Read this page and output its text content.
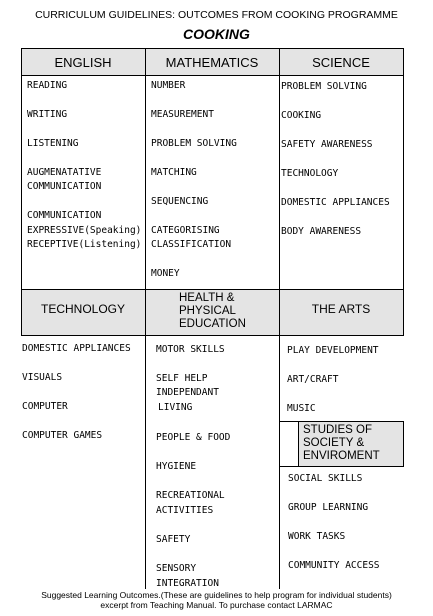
CURRICULUM GUIDELINES: OUTCOMES FROM COOKING PROGRAMME
COOKING
ENGLISH	MATHEMATICS	SCIENCE
READING
WRITING
LISTENING
AUGMENATATIVE
COMMUNICATION
COMMUNICATION
EXPRESSIVE(Speaking)
RECEPTIVE(Listening)
NUMBER
MEASUREMENT
PROBLEM SOLVING
MATCHING
SEQUENCING
CATEGORISING
CLASSIFICATION
MONEY
PROBLEM SOLVING
COOKING
SAFETY AWARENESS
TECHNOLOGY
DOMESTIC APPLIANCES
BODY AWARENESS
TECHNOLOGY
HEALTH &
PHYSICAL
EDUCATION
THE ARTS
DOMESTIC APPLIANCES
VISUALS
COMPUTER
COMPUTER GAMES
MOTOR SKILLS
SELF HELP
INDEPENDANT
LIVING
PEOPLE & FOOD
HYGIENE
RECREATIONAL
ACTIVITIES
SAFETY
SENSORY
INTEGRATION
PLAY DEVELOPMENT
ART/CRAFT
MUSIC
STUDIES OF
SOCIETY &
ENVIROMENT
SOCIAL SKILLS
GROUP LEARNING
WORK TASKS
COMMUNITY ACCESS
Suggested Learning Outcomes.(These are guidelines to help program for individual students)
excerpt from Teaching Manual. To purchase contact LARMAC
